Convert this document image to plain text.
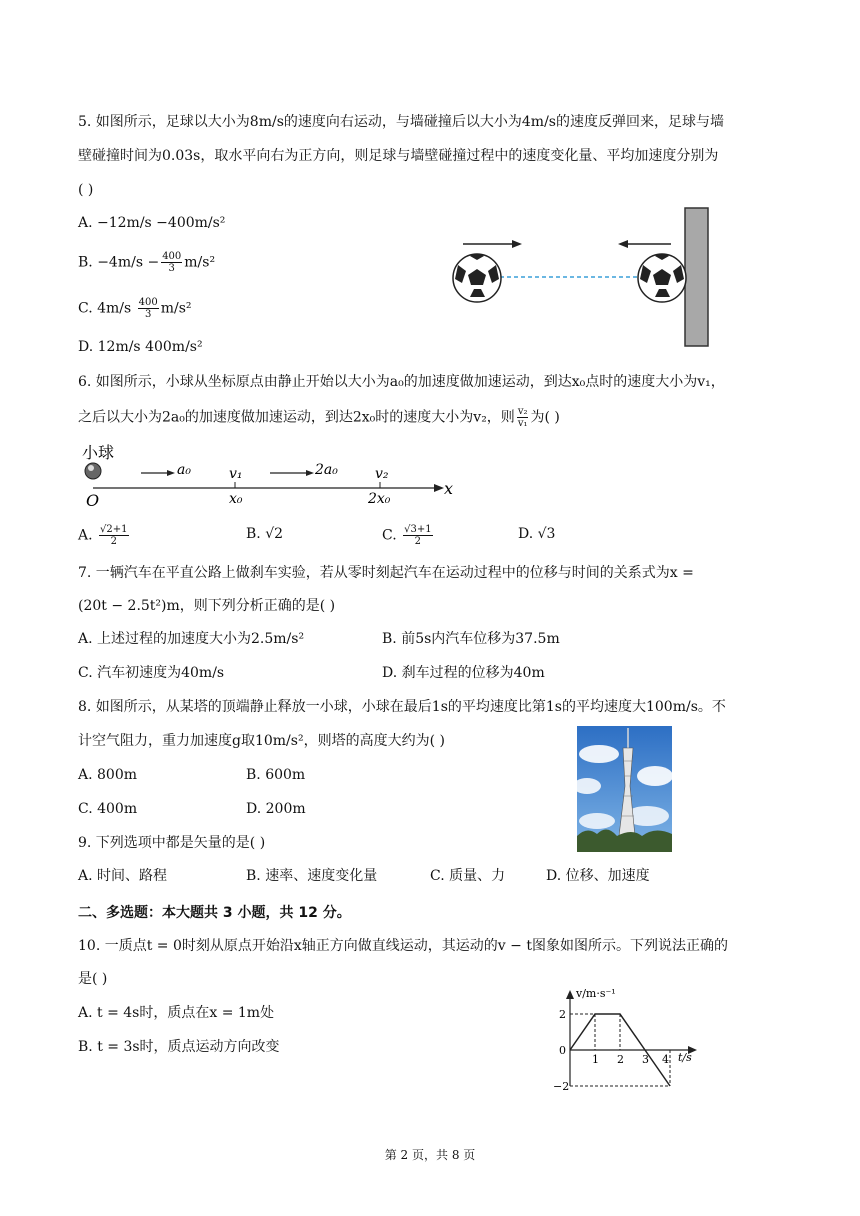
5. 如图所示，足球以大小为8m/s的速度向右运动，与墙碰撞后以大小为4m/s的速度反弹回来，足球与墙
壁碰撞时间为0.03s，取水平向右为正方向，则足球与墙壁碰撞过程中的速度变化量、平均加速度分别为
( )
A. −12m/s −400m/s²
B. $-4m/s - \frac{400}{3} m/s^2$
C. $4m/s \frac{400}{3} m/s^2$
D. 12m/s 400m/s²
6. 如图所示，小球从坐标原点由静止开始以大小为a₀的加速度做加速运动，到达x₀点时的速度大小为v₁，
之后以大小为2a₀的加速度做加速运动，到达2x₀时的速度大小为v₂，则 $\frac{\text{v₂}}{\text{v₁}}$ 为( )
小球
a₀	v₁	2a₀	v₂
O	x₀	2x₀
x
A. $\frac{√2+1}{2}$	B. √2	C. $\frac{√3+1}{2}$	D. √3
7. 一辆汽车在平直公路上做刹车实验，若从零时刻起汽车在运动过程中的位移与时间的关系式为x =
(20t − 2.5t²)m，则下列分析正确的是( )
A. 上述过程的加速度大小为2.5m/s²	B. 前5s内汽车位移为37.5m
C. 汽车初速度为40m/s	D. 刹车过程的位移为40m
8. 如图所示，从某塔的顶端静止释放一小球，小球在最后1s的平均速度比第1s的平均速度大100m/s。不
计空气阻力，重力加速度g取10m/s²，则塔的高度大约为( )
A. 800m	B. 600m
C. 400m	D. 200m
9. 下列选项中都是矢量的是( )
A. 时间、路程	B. 速率、速度变化量	C. 质量、力	D. 位移、加速度
二、多选题：本大题共 3 小题，共 12 分。
10. 一质点t = 0时刻从原点开始沿x轴正方向做直线运动，其运动的v − t图象如图所示。下列说法正确的
是( )
A. t = 4s时，质点在x = 1m处
B. t = 3s时，质点运动方向改变
v/m·s⁻¹
t/s
2
0
−2
1 2 3 4
第 2 页，共 8 页
